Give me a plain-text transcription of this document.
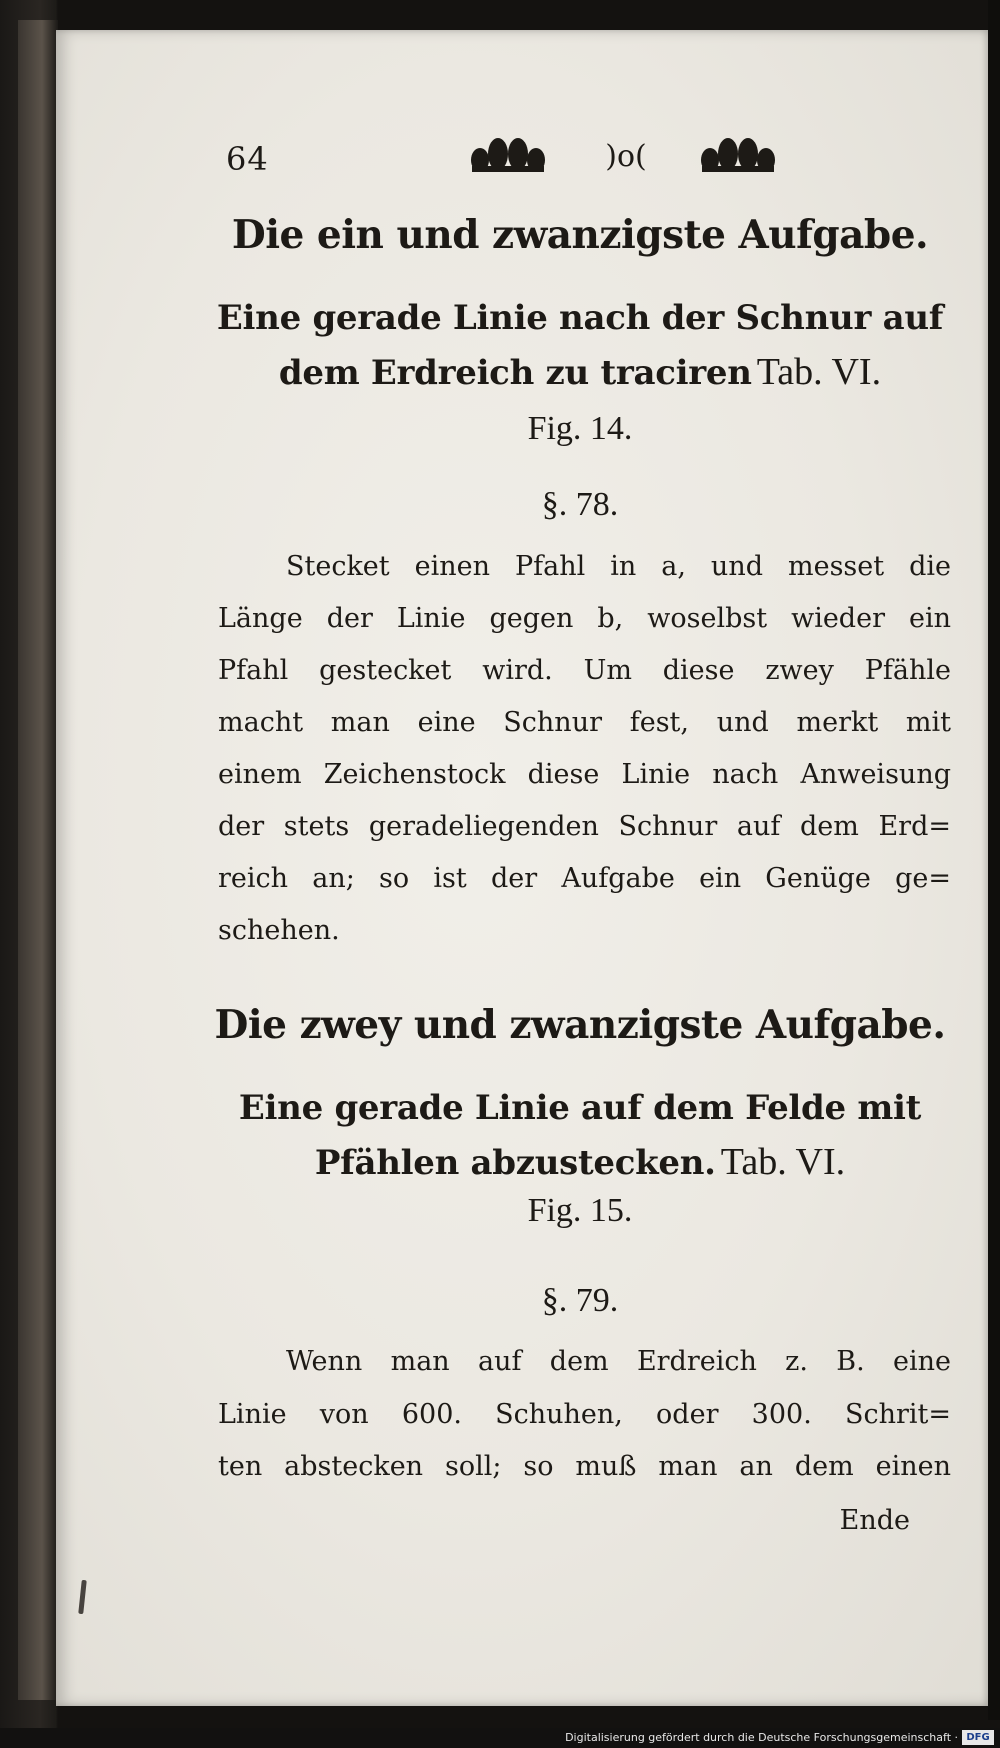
64	)o(
Die ein und zwanzigste Aufgabe.
Eine gerade Linie nach der Schnur auf
dem Erdreich zu traciren Tab. VI.
Fig. 14.
§. 78.
Stecket einen Pfahl in a, und messet die
Länge der Linie gegen b, woselbst wieder ein
Pfahl gestecket wird. Um diese zwey Pfähle
macht man eine Schnur fest, und merkt mit
einem Zeichenstock diese Linie nach Anweisung
der stets geradeliegenden Schnur auf dem Erd=
reich an; so ist der Aufgabe ein Genüge ge=
schehen.
Die zwey und zwanzigste Aufgabe.
Eine gerade Linie auf dem Felde mit
Pfählen abzustecken. Tab. VI.
Fig. 15.
§. 79.
Wenn man auf dem Erdreich z. B. eine
Linie von 600. Schuhen, oder 300. Schrit=
ten abstecken soll; so muß man an dem einen
Ende
Digitalisierung gefördert durch die Deutsche Forschungsgemeinschaft · DFG
